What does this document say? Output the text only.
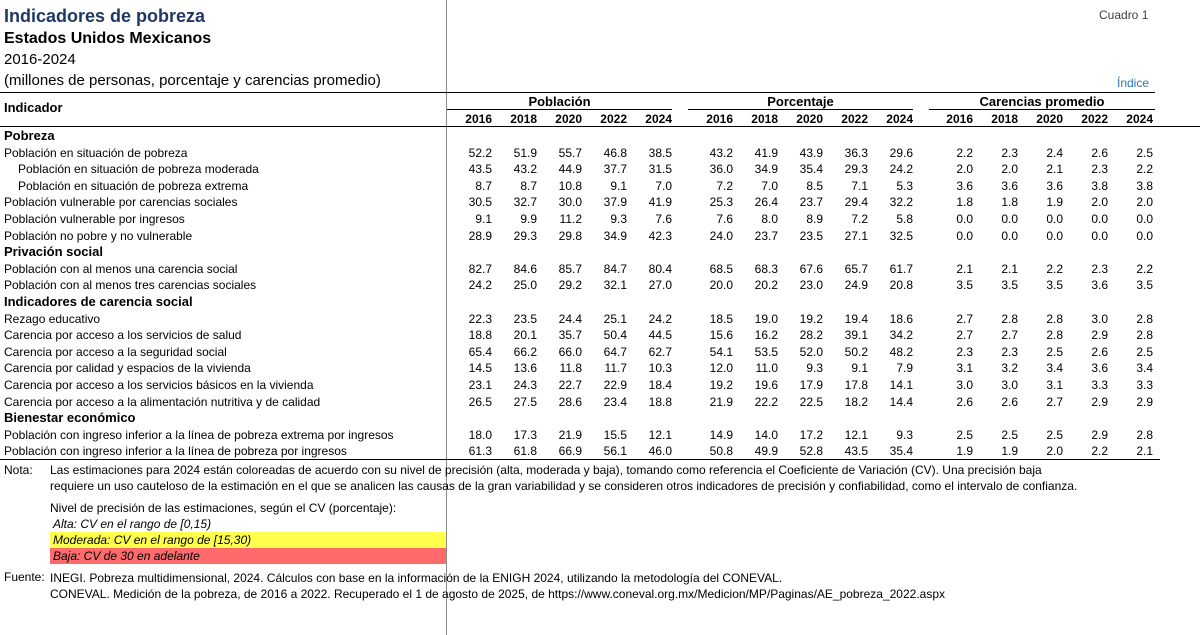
Indicadores de pobreza
Estados Unidos Mexicanos
2016-2024
(millones de personas, porcentaje y carencias promedio)
Cuadro 1
Índice
Indicador	Población	Porcentaje	Carencias promedio
2016	2018	2020	2022	2024	2016	2018	2020	2022	2024	2016	2018	2020	2022	2024
Pobreza
Población en situación de pobreza	52.2	51.9	55.7	46.8	38.5	43.2	41.9	43.9	36.3	29.6	2.2	2.3	2.4	2.6	2.5
Población en situación de pobreza moderada	43.5	43.2	44.9	37.7	31.5	36.0	34.9	35.4	29.3	24.2	2.0	2.0	2.1	2.3	2.2
Población en situación de pobreza extrema	8.7	8.7	10.8	9.1	7.0	7.2	7.0	8.5	7.1	5.3	3.6	3.6	3.6	3.8	3.8
Población vulnerable por carencias sociales	30.5	32.7	30.0	37.9	41.9	25.3	26.4	23.7	29.4	32.2	1.8	1.8	1.9	2.0	2.0
Población vulnerable por ingresos	9.1	9.9	11.2	9.3	7.6	7.6	8.0	8.9	7.2	5.8	0.0	0.0	0.0	0.0	0.0
Población no pobre y no vulnerable	28.9	29.3	29.8	34.9	42.3	24.0	23.7	23.5	27.1	32.5	0.0	0.0	0.0	0.0	0.0
Privación social
Población con al menos una carencia social	82.7	84.6	85.7	84.7	80.4	68.5	68.3	67.6	65.7	61.7	2.1	2.1	2.2	2.3	2.2
Población con al menos tres carencias sociales	24.2	25.0	29.2	32.1	27.0	20.0	20.2	23.0	24.9	20.8	3.5	3.5	3.5	3.6	3.5
Indicadores de carencia social
Rezago educativo	22.3	23.5	24.4	25.1	24.2	18.5	19.0	19.2	19.4	18.6	2.7	2.8	2.8	3.0	2.8
Carencia por acceso a los servicios de salud	18.8	20.1	35.7	50.4	44.5	15.6	16.2	28.2	39.1	34.2	2.7	2.7	2.8	2.9	2.8
Carencia por acceso a la seguridad social	65.4	66.2	66.0	64.7	62.7	54.1	53.5	52.0	50.2	48.2	2.3	2.3	2.5	2.6	2.5
Carencia por calidad y espacios de la vivienda	14.5	13.6	11.8	11.7	10.3	12.0	11.0	9.3	9.1	7.9	3.1	3.2	3.4	3.6	3.4
Carencia por acceso a los servicios básicos en la vivienda	23.1	24.3	22.7	22.9	18.4	19.2	19.6	17.9	17.8	14.1	3.0	3.0	3.1	3.3	3.3
Carencia por acceso a la alimentación nutritiva y de calidad	26.5	27.5	28.6	23.4	18.8	21.9	22.2	22.5	18.2	14.4	2.6	2.6	2.7	2.9	2.9
Bienestar económico
Población con ingreso inferior a la línea de pobreza extrema por ingresos	18.0	17.3	21.9	15.5	12.1	14.9	14.0	17.2	12.1	9.3	2.5	2.5	2.5	2.9	2.8
Población con ingreso inferior a la línea de pobreza por ingresos	61.3	61.8	66.9	56.1	46.0	50.8	49.9	52.8	43.5	35.4	1.9	1.9	2.0	2.2	2.1
Nota: Las estimaciones para 2024 están coloreadas de acuerdo con su nivel de precisión (alta, moderada y baja), tomando como referencia el Coeficiente de Variación (CV). Una precisión baja
requiere un uso cauteloso de la estimación en el que se analicen las causas de la gran variabilidad y se consideren otros indicadores de precisión y confiabilidad, como el intervalo de confianza.
Nivel de precisión de las estimaciones, según el CV (porcentaje):
Alta: CV en el rango de [0,15)
Moderada: CV en el rango de [15,30)
Baja: CV de 30 en adelante
Fuente: INEGI. Pobreza multidimensional, 2024. Cálculos con base en la información de la ENIGH 2024, utilizando la metodología del CONEVAL.
CONEVAL. Medición de la pobreza, de 2016 a 2022. Recuperado el 1 de agosto de 2025, de https://www.coneval.org.mx/Medicion/MP/Paginas/AE_pobreza_2022.aspx
